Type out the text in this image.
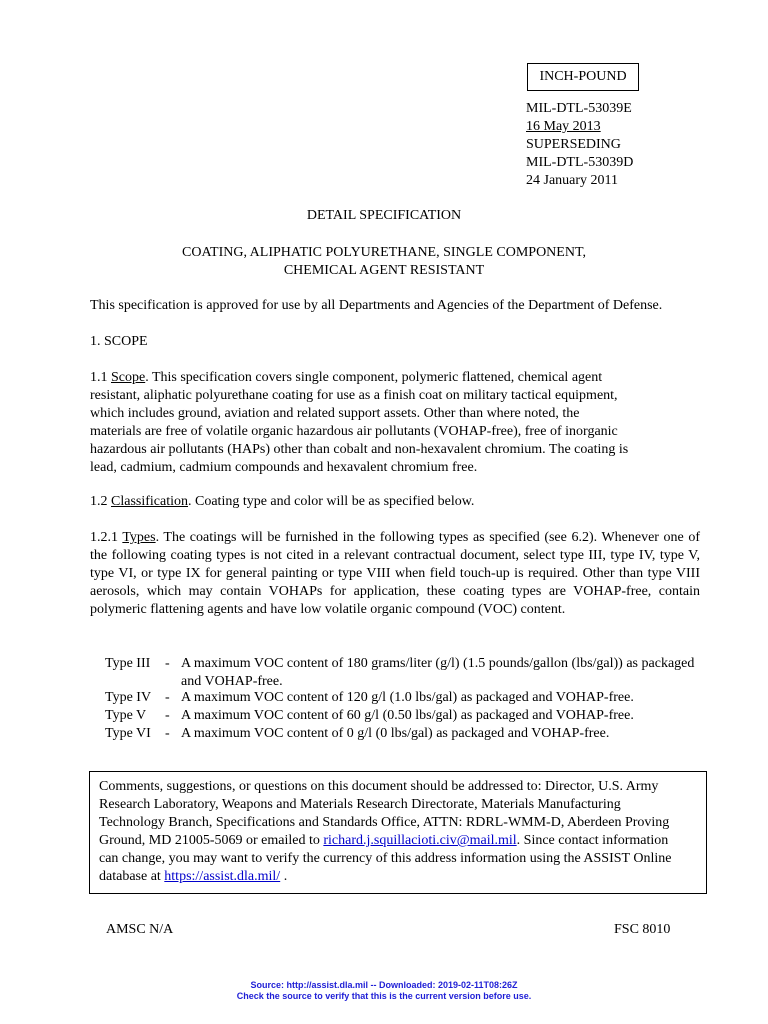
INCH-POUND
MIL-DTL-53039E
16 May 2013
SUPERSEDING
MIL-DTL-53039D
24 January 2011
DETAIL SPECIFICATION
COATING, ALIPHATIC POLYURETHANE, SINGLE COMPONENT,
CHEMICAL AGENT RESISTANT
This specification is approved for use by all Departments and Agencies of the Department of Defense.
1. SCOPE
1.1 Scope. This specification covers single component, polymeric flattened, chemical agent
resistant, aliphatic polyurethane coating for use as a finish coat on military tactical equipment,
which includes ground, aviation and related support assets. Other than where noted, the
materials are free of volatile organic hazardous air pollutants (VOHAP-free), free of inorganic
hazardous air pollutants (HAPs) other than cobalt and non-hexavalent chromium. The coating is
lead, cadmium, cadmium compounds and hexavalent chromium free.
1.2 Classification. Coating type and color will be as specified below.
1.2.1 Types. The coatings will be furnished in the following types as specified (see 6.2). Whenever one of the following coating types is not cited in a relevant contractual document, select type III, type IV, type V, type VI, or type IX for general painting or type VIII when field touch-up is required. Other than type VIII aerosols, which may contain VOHAPs for application, these coating types are VOHAP-free, contain polymeric flattening agents and have low volatile organic compound (VOC) content.
Type III	- A maximum VOC content of 180 grams/liter (g/l) (1.5 pounds/gallon (lbs/gal)) as packaged and VOHAP-free.
Type IV - A maximum VOC content of 120 g/l (1.0 lbs/gal) as packaged and VOHAP-free.
Type V	- A maximum VOC content of 60 g/l (0.50 lbs/gal) as packaged and VOHAP-free.
Type VI	- A maximum VOC content of 0 g/l (0 lbs/gal) as packaged and VOHAP-free.
Comments, suggestions, or questions on this document should be addressed to: Director, U.S. Army
Research Laboratory, Weapons and Materials Research Directorate, Materials Manufacturing
Technology Branch, Specifications and Standards Office, ATTN: RDRL-WMM-D, Aberdeen Proving
Ground, MD 21005-5069 or emailed to richard.j.squillacioti.civ@mail.mil. Since contact information
can change, you may want to verify the currency of this address information using the ASSIST Online
database at https://assist.dla.mil/ .
AMSC N/A	FSC 8010
Source: http://assist.dla.mil -- Downloaded: 2019-02-11T08:26Z
Check the source to verify that this is the current version before use.
